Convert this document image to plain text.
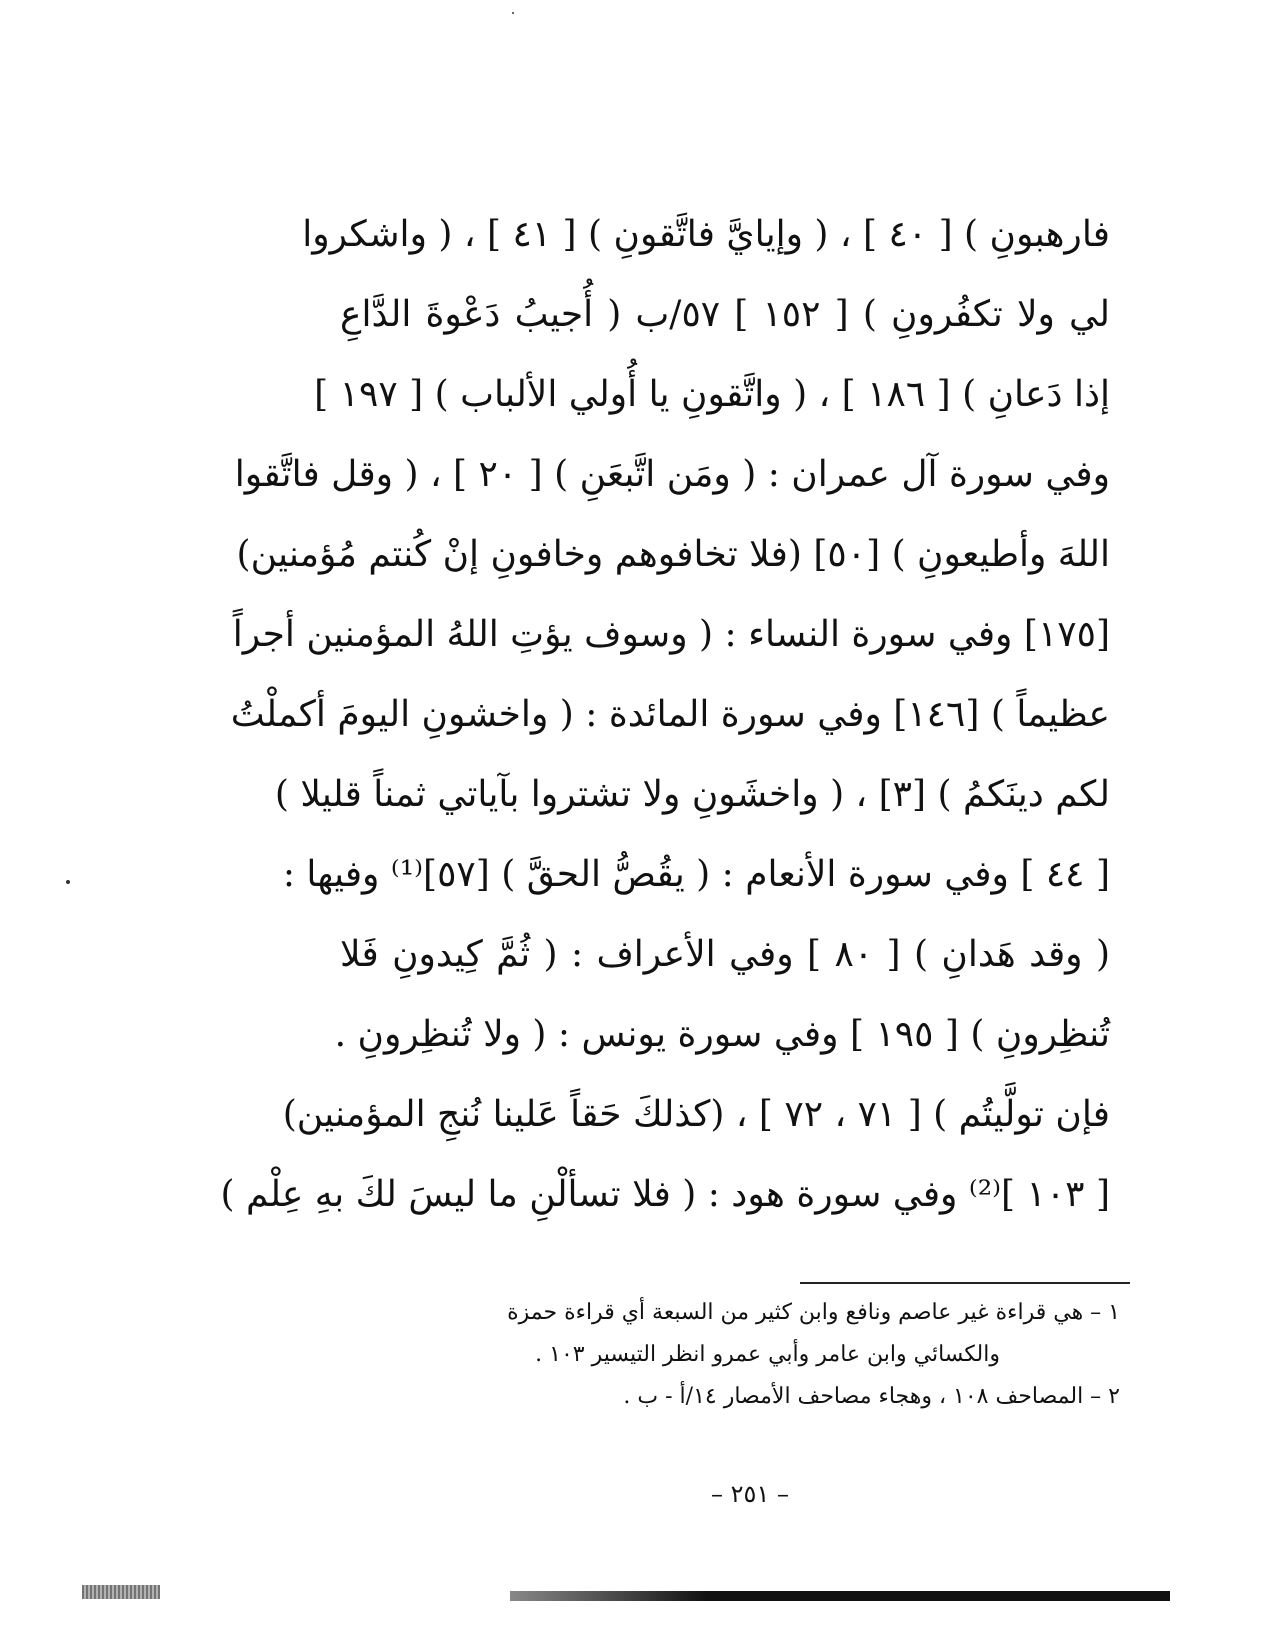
فارهبونِ ) [ ٤٠ ] ، ( وإيايَّ فاتَّقونِ ) [ ٤١ ] ، ( واشكروا
لي ولا تكفُرونِ ) [ ١٥٢ ] ٥٧/ب ( أُجيبُ دَعْوةَ الدَّاعِ
إذا دَعانِ ) [ ١٨٦ ] ، ( واتَّقونِ يا أُولي الألباب ) [ ١٩٧ ]
وفي سورة آل عمران : ( ومَن اتَّبعَنِ ) [ ٢٠ ] ، ( وقل فاتَّقوا
اللهَ وأطيعونِ ) [٥٠] (فلا تخافوهم وخافونِ إنْ كُنتم مُؤمنين)
[١٧٥] وفي سورة النساء : ( وسوف يؤتِ اللهُ المؤمنين أجراً
عظيماً ) [١٤٦] وفي سورة المائدة : ( واخشونِ اليومَ أكملْتُ
لكم دينَكمُ ) [٣] ، ( واخشَونِ ولا تشتروا بآياتي ثمناً قليلا )
[ ٤٤ ] وفي سورة الأنعام : ( يقُصُّ الحقَّ ) [٥٧]⁽¹⁾ وفيها :
( وقد هَدانِ ) [ ٨٠ ] وفي الأعراف : ( ثُمَّ كِيدونِ فَلا
تُنظِرونِ ) [ ١٩٥ ] وفي سورة يونس : ( ولا تُنظِرونِ .
فإن تولَّيتُم ) [ ٧١ ، ٧٢ ] ، (كذلكَ حَقاً عَلينا نُنجِ المؤمنين)
[ ١٠٣ ]⁽²⁾ وفي سورة هود : ( فلا تسألْنِ ما ليسَ لكَ بهِ عِلْم )
١ – هي قراءة غير عاصم ونافع وابن كثير من السبعة أي قراءة حمزة
والكسائي وابن عامر وأبي عمرو انظر التيسير ١٠٣ .
٢ – المصاحف ١٠٨ ، وهجاء مصاحف الأمصار ١٤/أ - ب .
– ٢٥١ –
